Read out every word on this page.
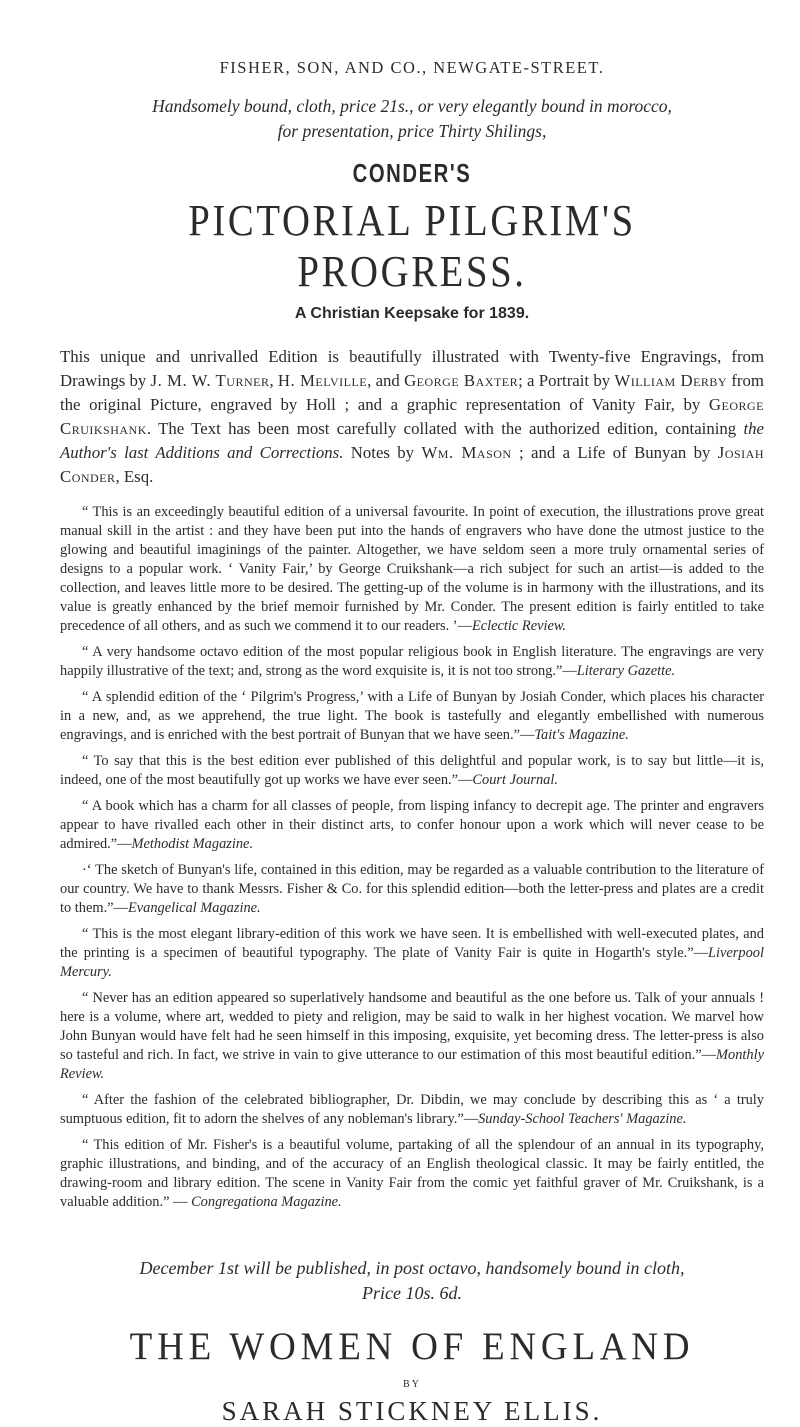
FISHER, SON, AND CO., NEWGATE-STREET.

Handsomely bound, cloth, price 21s., or very elegantly bound in morocco,
for presentation, price Thirty Shilings,

CONDER'S
PICTORIAL PILGRIM'S PROGRESS.

A Christian Keepsake for 1839.

This unique and unrivalled Edition is beautifully illustrated with Twenty-five Engravings, from Drawings by J. M. W. Turner, H. Melville, and George Baxter; a Portrait by William Derby from the original Picture, engraved by Holl ; and a graphic representation of Vanity Fair, by George Cruikshank. The Text has been most carefully collated with the authorized edition, containing the Author's last Additions and Corrections. Notes by Wm. Mason ; and a Life of Bunyan by Josiah Conder, Esq.

“ This is an exceedingly beautiful edition of a universal favourite. In point of execution, the illustrations prove great manual skill in the artist : and they have been put into the hands of engravers who have done the utmost justice to the glowing and beautiful imaginings of the painter. Altogether, we have seldom seen a more truly ornamental series of designs to a popular work. ‘ Vanity Fair,’ by George Cruikshank—a rich subject for such an artist—is added to the collection, and leaves little more to be desired. The getting-up of the volume is in harmony with the illustrations, and its value is greatly enhanced by the brief memoir furnished by Mr. Conder. The present edition is fairly entitled to take precedence of all others, and as such we commend it to our readers. ’—Eclectic Review.

“ A very handsome octavo edition of the most popular religious book in English literature. The engravings are very happily illustrative of the text; and, strong as the word exquisite is, it is not too strong.”—Literary Gazette.

“ A splendid edition of the ‘ Pilgrim's Progress,’ with a Life of Bunyan by Josiah Conder, which places his character in a new, and, as we apprehend, the true light. The book is tastefully and elegantly embellished with numerous engravings, and is enriched with the best portrait of Bunyan that we have seen.”—Tait's Magazine.

“ To say that this is the best edition ever published of this delightful and popular work, is to say but little—it is, indeed, one of the most beautifully got up works we have ever seen.”—Court Journal.

“ A book which has a charm for all classes of people, from lisping infancy to decrepit age. The printer and engravers appear to have rivalled each other in their distinct arts, to confer honour upon a work which will never cease to be admired.”—Methodist Magazine.

·‘ The sketch of Bunyan's life, contained in this edition, may be regarded as a valuable contribution to the literature of our country. We have to thank Messrs. Fisher & Co. for this splendid edition—both the letter-press and plates are a credit to them.”—Evangelical Magazine.

“ This is the most elegant library-edition of this work we have seen. It is embellished with well-executed plates, and the printing is a specimen of beautiful typography. The plate of Vanity Fair is quite in Hogarth's style.”—Liverpool Mercury.

“ Never has an edition appeared so superlatively handsome and beautiful as the one before us. Talk of your annuals ! here is a volume, where art, wedded to piety and religion, may be said to walk in her highest vocation. We marvel how John Bunyan would have felt had he seen himself in this imposing, exquisite, yet becoming dress. The letter-press is also so tasteful and rich. In fact, we strive in vain to give utterance to our estimation of this most beautiful edition.”—Monthly Review.

“ After the fashion of the celebrated bibliographer, Dr. Dibdin, we may conclude by describing this as ‘ a truly sumptuous edition, fit to adorn the shelves of any nobleman's library.”—Sunday-School Teachers' Magazine.

“ This edition of Mr. Fisher's is a beautiful volume, partaking of all the splendour of an annual in its typography, graphic illustrations, and binding, and of the accuracy of an English theological classic. It may be fairly entitled, the drawing-room and library edition. The scene in Vanity Fair from the comic yet faithful graver of Mr. Cruikshank, is a valuable addition.” — Congregationa Magazine.

December 1st will be published, in post octavo, handsomely bound in cloth,
Price 10s. 6d.

THE WOMEN OF ENGLAND
BY
SARAH STICKNEY ELLIS.
